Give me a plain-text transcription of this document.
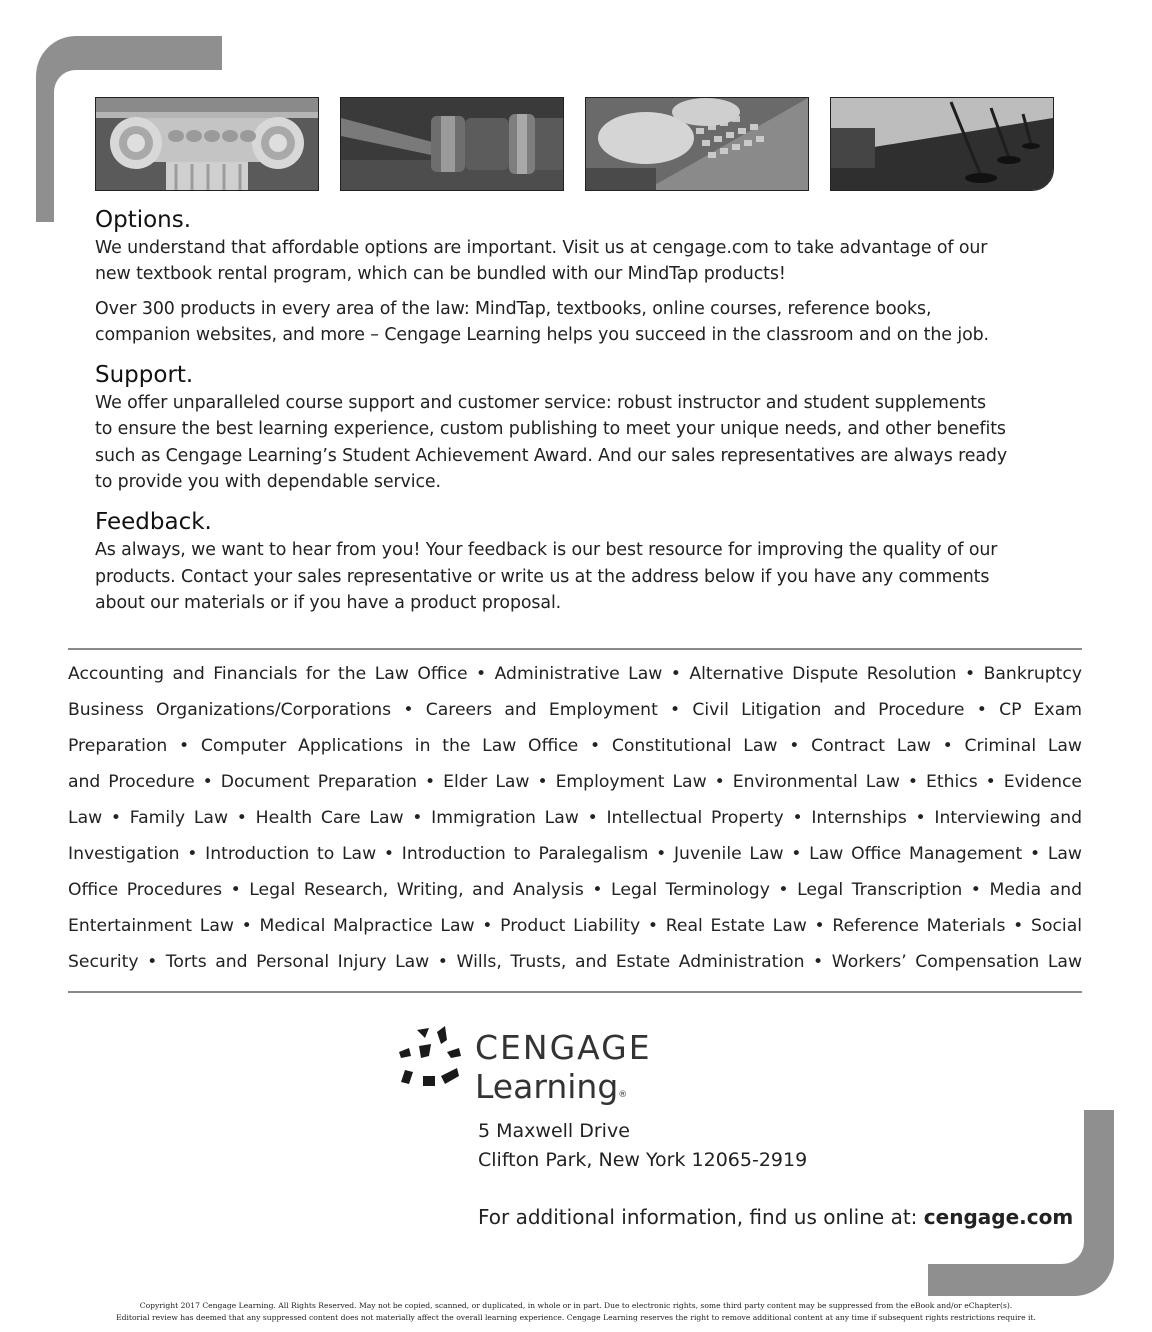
Options.

We understand that affordable options are important. Visit us at cengage.com to take advantage of our
new textbook rental program, which can be bundled with our MindTap products!

Over 300 products in every area of the law: MindTap, textbooks, online courses, reference books,
companion websites, and more – Cengage Learning helps you succeed in the classroom and on the job.

Support.

We offer unparalleled course support and customer service: robust instructor and student supplements
to ensure the best learning experience, custom publishing to meet your unique needs, and other benefits
such as Cengage Learning’s Student Achievement Award. And our sales representatives are always ready
to provide you with dependable service.

Feedback.

As always, we want to hear from you! Your feedback is our best resource for improving the quality of our
products. Contact your sales representative or write us at the address below if you have any comments
about our materials or if you have a product proposal.

Accounting and Financials for the Law Office • Administrative Law • Alternative Dispute Resolution • Bankruptcy
Business Organizations/Corporations • Careers and Employment • Civil Litigation and Procedure • CP Exam
Preparation • Computer Applications in the Law Office • Constitutional Law • Contract Law • Criminal Law
and Procedure • Document Preparation • Elder Law • Employment Law • Environmental Law • Ethics • Evidence
Law • Family Law • Health Care Law • Immigration Law • Intellectual Property • Internships • Interviewing and
Investigation • Introduction to Law • Introduction to Paralegalism • Juvenile Law • Law Office Management • Law
Office Procedures • Legal Research, Writing, and Analysis • Legal Terminology • Legal Transcription • Media and
Entertainment Law • Medical Malpractice Law • Product Liability • Real Estate Law • Reference Materials • Social
Security • Torts and Personal Injury Law • Wills, Trusts, and Estate Administration • Workers’ Compensation Law
CENGAGE
Learning®
5 Maxwell Drive
Clifton Park, New York 12065-2919
For additional information, find us online at: cengage.com
Copyright 2017 Cengage Learning. All Rights Reserved. May not be copied, scanned, or duplicated, in whole or in part. Due to electronic rights, some third party content may be suppressed from the eBook and/or eChapter(s).
Editorial review has deemed that any suppressed content does not materially affect the overall learning experience. Cengage Learning reserves the right to remove additional content at any time if subsequent rights restrictions require it.
